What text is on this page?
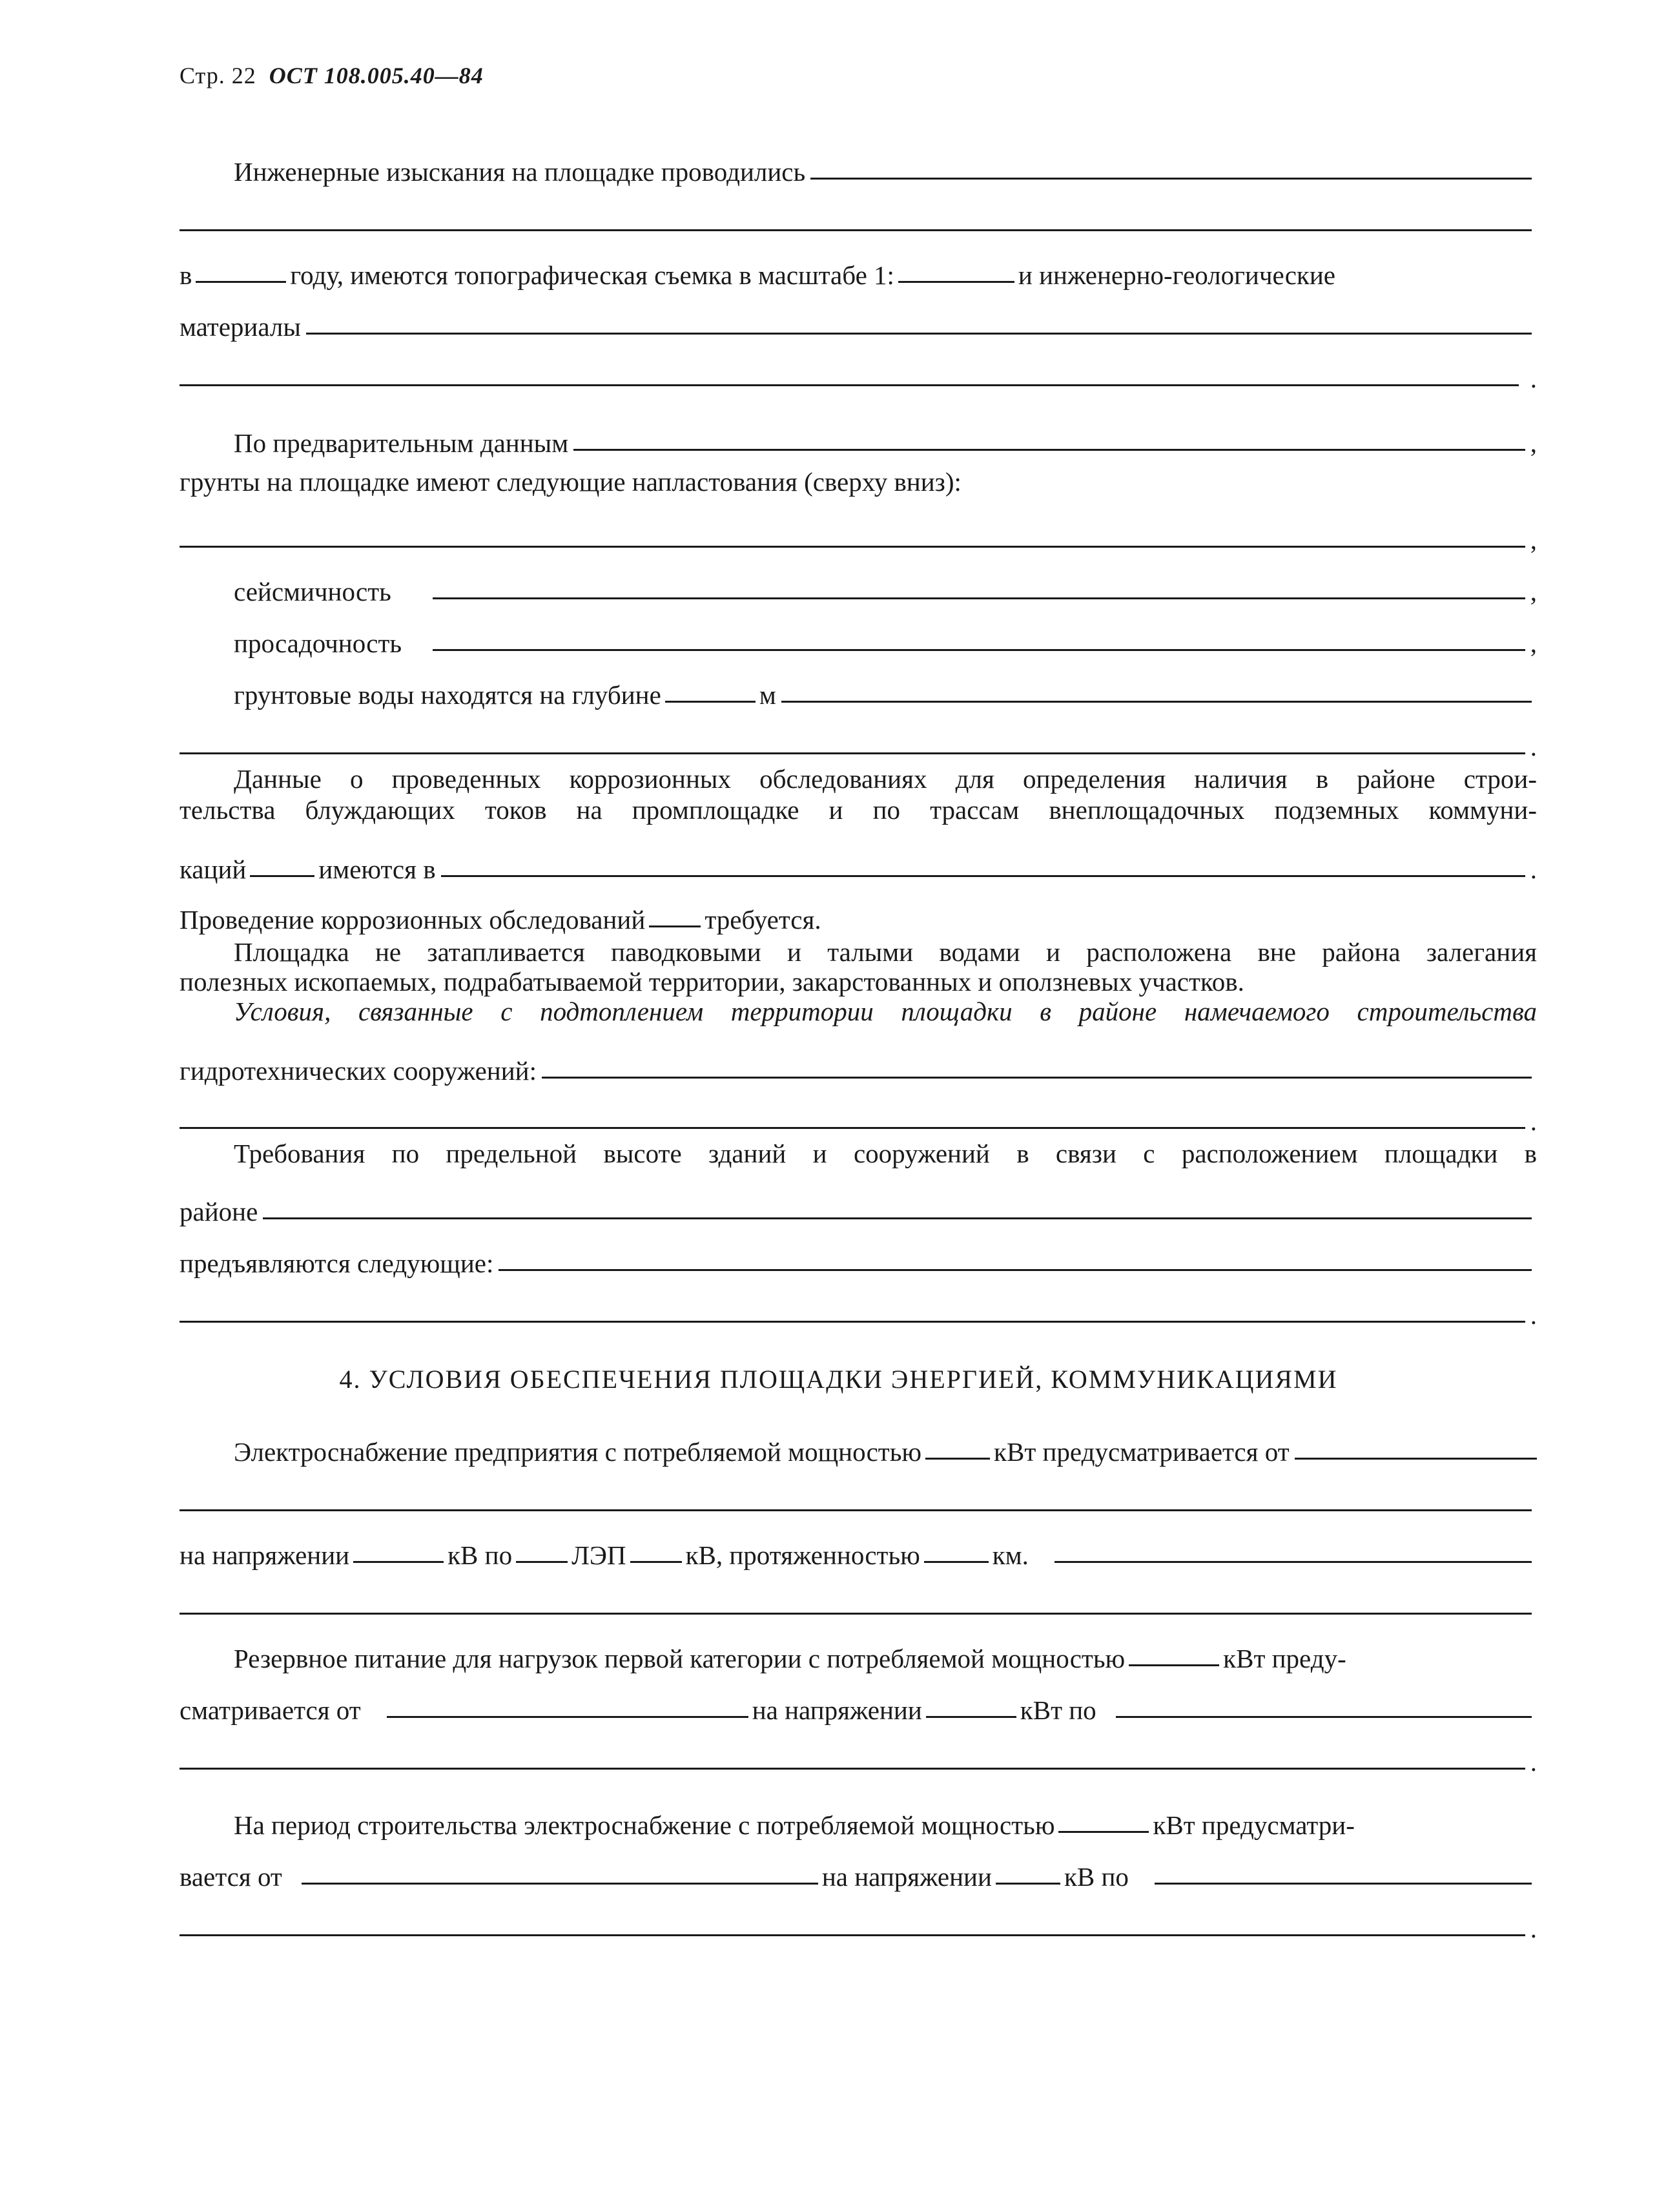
Стр. 22 ОСТ 108.005.40—84
Инженерные изыскания на площадке проводились
в	году, имеются топографическая съемка в масштабе 1:	и инженерно-геологические
материалы
.
По предварительным данным	,
грунты на площадке имеют следующие напластования (сверху вниз):
,
сейсмичность	,
просадочность	,
грунтовые воды находятся на глубине	м
.
Данные о проведенных коррозионных обследованиях для определения наличия в районе строи-
тельства блуждающих токов на промплощадке и по трассам внеплощадочных подземных коммуни-
каций	имеются в	.
Проведение коррозионных обследований требуется.
Площадка не затапливается паводковыми и талыми водами и расположена вне района залегания
полезных ископаемых, подрабатываемой территории, закарстованных и оползневых участков.
Условия, связанные с подтоплением территории площадки в районе намечаемого строительства
гидротехнических сооружений:
.
Требования по предельной высоте зданий и сооружений в связи с расположением площадки в
районе
предъявляются следующие:
.
4. УСЛОВИЯ ОБЕСПЕЧЕНИЯ ПЛОЩАДКИ ЭНЕРГИЕЙ, КОММУНИКАЦИЯМИ
Электроснабжение предприятия с потребляемой мощностью	кВт предусматривается от
на напряжении	кВ по ЛЭП кВ, протяженностью	км.
Резервное питание для нагрузок первой категории с потребляемой мощностью	кВт преду-
сматривается от	на напряжении	кВт по
.
На период строительства электроснабжение с потребляемой мощностью	кВт предусматри-
вается от	на напряжении	кВ по
.
